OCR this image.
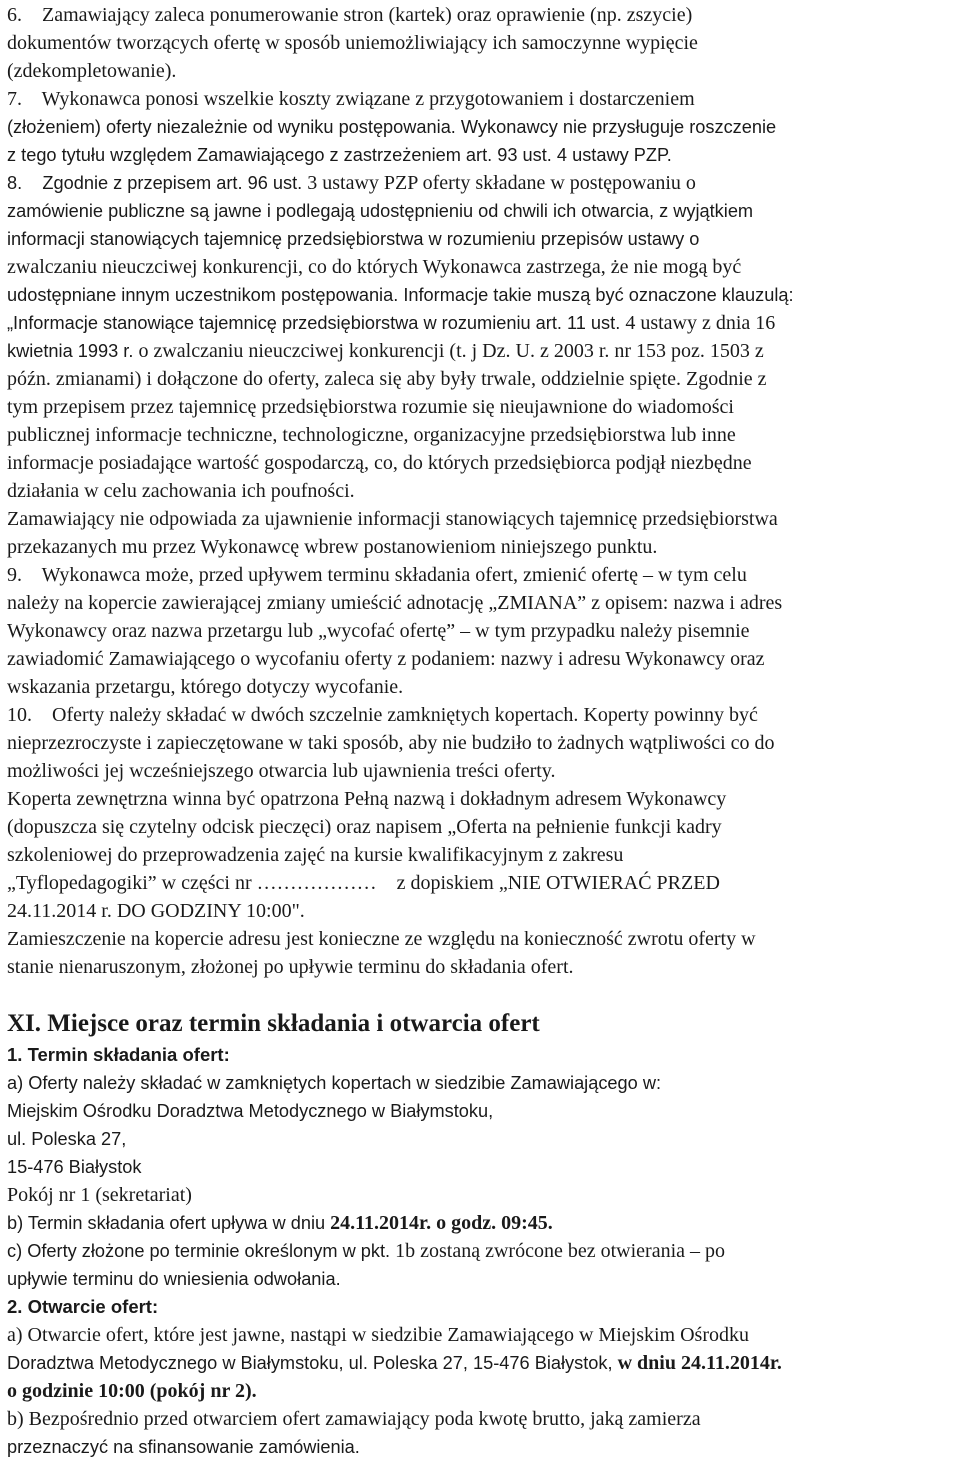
6.    Zamawiający zaleca ponumerowanie stron (kartek) oraz oprawienie (np. zszycie)
dokumentów tworzących ofertę w sposób uniemożliwiający ich samoczynne wypięcie
(zdekompletowanie).
7.    Wykonawca ponosi wszelkie koszty związane z przygotowaniem i dostarczeniem
(złożeniem) oferty niezależnie od wyniku postępowania. Wykonawcy nie przysługuje roszczenie
z tego tytułu względem Zamawiającego z zastrzeżeniem art. 93 ust. 4 ustawy PZP.
8.    Zgodnie z przepisem art. 96 ust. 3 ustawy PZP oferty składane w postępowaniu o
zamówienie publiczne są jawne i podlegają udostępnieniu od chwili ich otwarcia, z wyjątkiem
informacji stanowiących tajemnicę przedsiębiorstwa w rozumieniu przepisów ustawy o
zwalczaniu nieuczciwej konkurencji, co do których Wykonawca zastrzega, że nie mogą być
udostępniane innym uczestnikom postępowania. Informacje takie muszą być oznaczone klauzulą:
„Informacje stanowiące tajemnicę przedsiębiorstwa w rozumieniu art. 11 ust. 4 ustawy z dnia 16
kwietnia 1993 r. o zwalczaniu nieuczciwej konkurencji (t. j Dz. U. z 2003 r. nr 153 poz. 1503 z
późn. zmianami) i dołączone do oferty, zaleca się aby były trwale, oddzielnie spięte. Zgodnie z
tym przepisem przez tajemnicę przedsiębiorstwa rozumie się nieujawnione do wiadomości
publicznej informacje techniczne, technologiczne, organizacyjne przedsiębiorstwa lub inne
informacje posiadające wartość gospodarczą, co, do których przedsiębiorca podjął niezbędne
działania w celu zachowania ich poufności.
Zamawiający nie odpowiada za ujawnienie informacji stanowiących tajemnicę przedsiębiorstwa
przekazanych mu przez Wykonawcę wbrew postanowieniom niniejszego punktu.
9.    Wykonawca może, przed upływem terminu składania ofert, zmienić ofertę – w tym celu
należy na kopercie zawierającej zmiany umieścić adnotację „ZMIANA” z opisem: nazwa i adres
Wykonawcy oraz nazwa przetargu lub „wycofać ofertę” – w tym przypadku należy pisemnie
zawiadomić Zamawiającego o wycofaniu oferty z podaniem: nazwy i adresu Wykonawcy oraz
wskazania przetargu, którego dotyczy wycofanie.
10.    Oferty należy składać w dwóch szczelnie zamkniętych kopertach. Koperty powinny być
nieprzezroczyste i zapieczętowane w taki sposób, aby nie budziło to żadnych wątpliwości co do
możliwości jej wcześniejszego otwarcia lub ujawnienia treści oferty.
Koperta zewnętrzna winna być opatrzona Pełną nazwą i dokładnym adresem Wykonawcy
(dopuszcza się czytelny odcisk pieczęci) oraz napisem „Oferta na pełnienie funkcji kadry
szkoleniowej do przeprowadzenia zajęć na kursie kwalifikacyjnym z zakresu
„Tyflopedagogiki” w części nr ………………    z dopiskiem „NIE OTWIERAĆ PRZED
24.11.2014 r. DO GODZINY 10:00".
Zamieszczenie na kopercie adresu jest konieczne ze względu na konieczność zwrotu oferty w
stanie nienaruszonym, złożonej po upływie terminu do składania ofert.
XI. Miejsce oraz termin składania i otwarcia ofert
1. Termin składania ofert:
a) Oferty należy składać w zamkniętych kopertach w siedzibie Zamawiającego w:
Miejskim Ośrodku Doradztwa Metodycznego w Białymstoku,
ul. Poleska 27,
15-476 Białystok
Pokój nr 1 (sekretariat)
b) Termin składania ofert upływa w dniu 24.11.2014r. o godz. 09:45.
c) Oferty złożone po terminie określonym w pkt. 1b zostaną zwrócone bez otwierania – po
upływie terminu do wniesienia odwołania.
2. Otwarcie ofert:
a) Otwarcie ofert, które jest jawne, nastąpi w siedzibie Zamawiającego w Miejskim Ośrodku
Doradztwa Metodycznego w Białymstoku, ul. Poleska 27, 15-476 Białystok, w dniu 24.11.2014r.
o godzinie 10:00 (pokój nr 2).
b) Bezpośrednio przed otwarciem ofert zamawiający poda kwotę brutto, jaką zamierza
przeznaczyć na sfinansowanie zamówienia.
